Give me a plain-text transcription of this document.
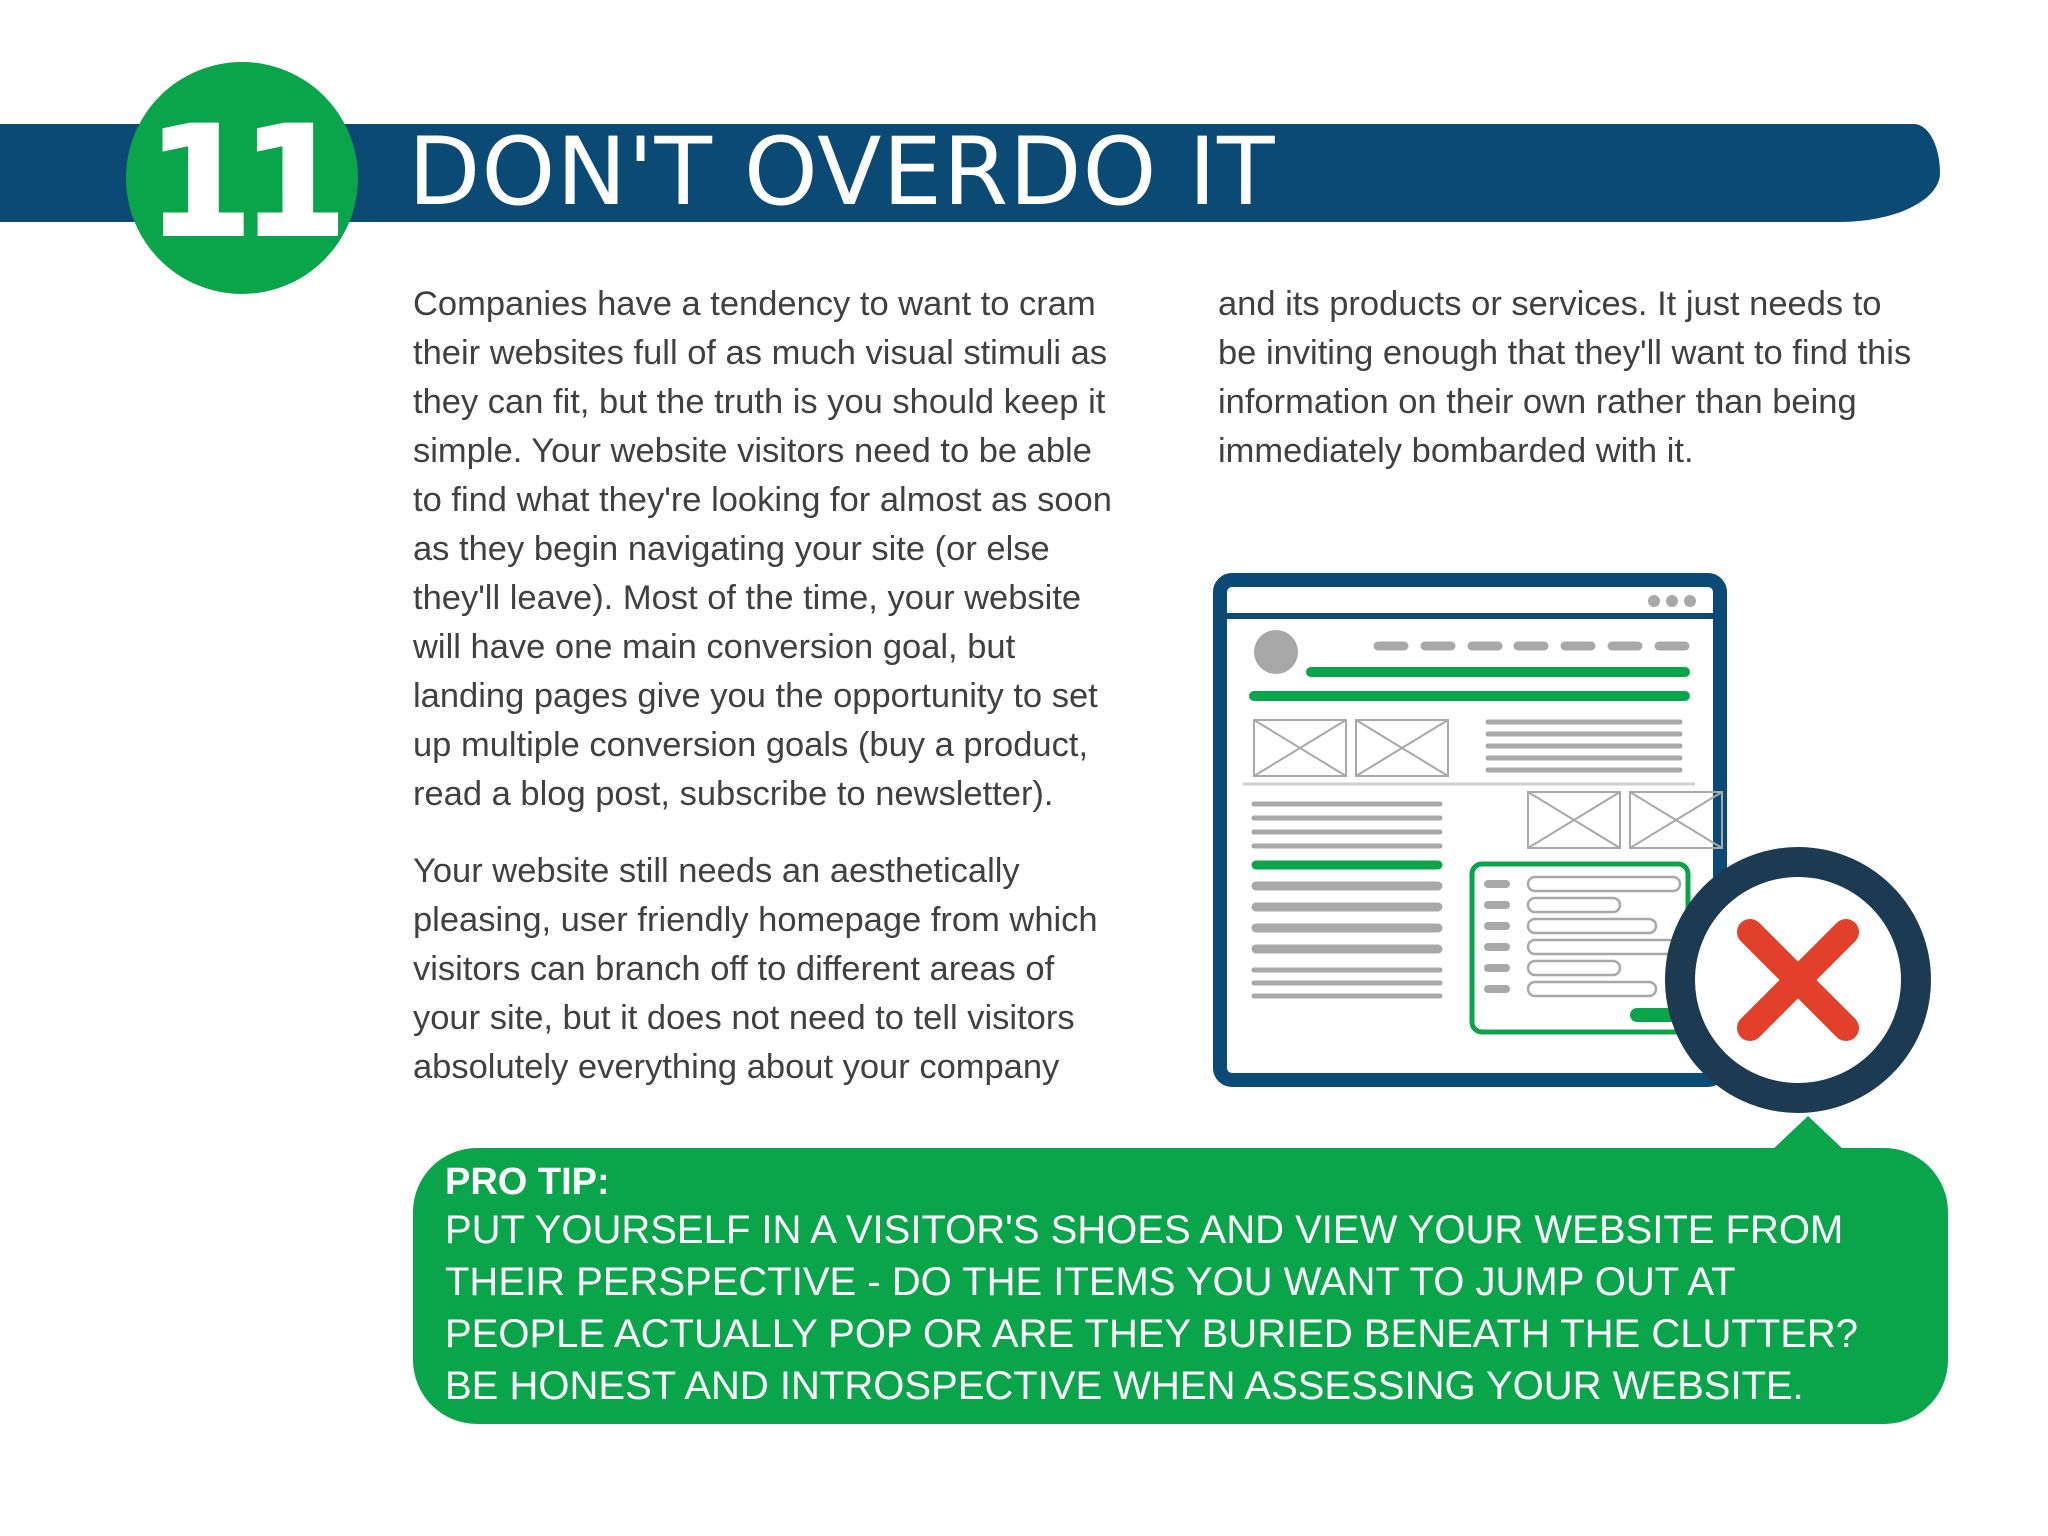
11 DON'T OVERDO IT

Companies have a tendency to want to cram
their websites full of as much visual stimuli as
they can fit, but the truth is you should keep it
simple. Your website visitors need to be able
to find what they're looking for almost as soon
as they begin navigating your site (or else
they'll leave). Most of the time, your website
will have one main conversion goal, but
landing pages give you the opportunity to set
up multiple conversion goals (buy a product,
read a blog post, subscribe to newsletter).

Your website still needs an aesthetically
pleasing, user friendly homepage from which
visitors can branch off to different areas of
your site, but it does not need to tell visitors
absolutely everything about your company

and its products or services. It just needs to
be inviting enough that they'll want to find this
information on their own rather than being
immediately bombarded with it.

PRO TIP:
PUT YOURSELF IN A VISITOR'S SHOES AND VIEW YOUR WEBSITE FROM
THEIR PERSPECTIVE - DO THE ITEMS YOU WANT TO JUMP OUT AT
PEOPLE ACTUALLY POP OR ARE THEY BURIED BENEATH THE CLUTTER?
BE HONEST AND INTROSPECTIVE WHEN ASSESSING YOUR WEBSITE.
